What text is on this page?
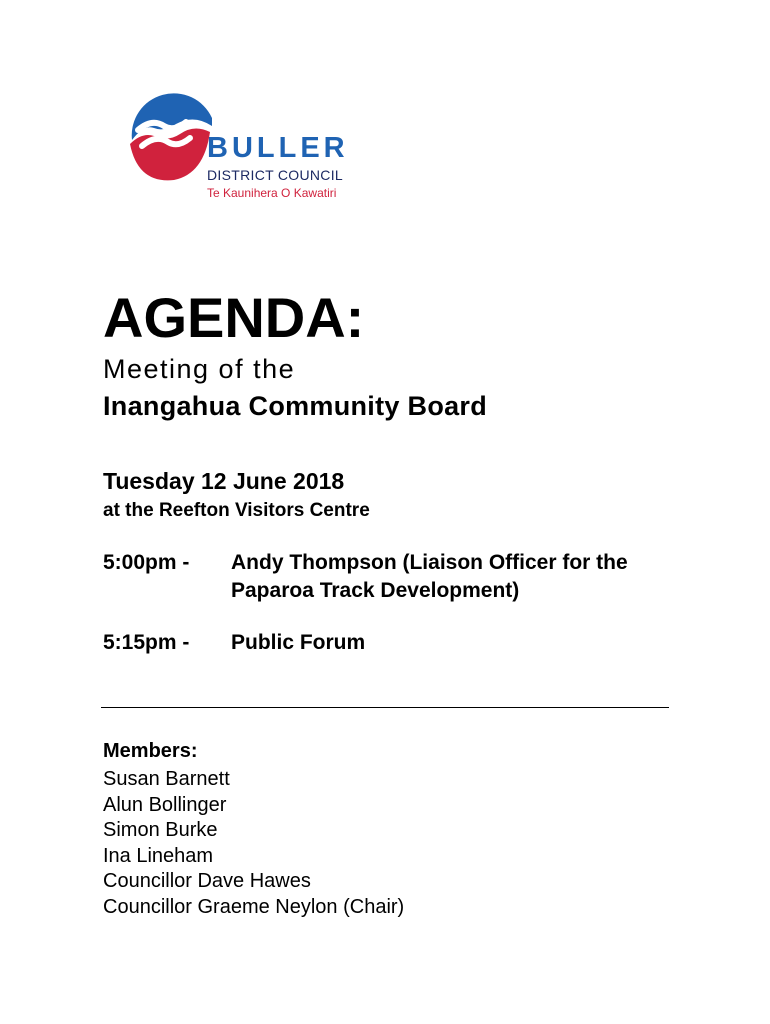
BULLER
DISTRICT COUNCIL
Te Kaunihera O Kawatiri
AGENDA:
Meeting of the
Inangahua Community Board
Tuesday 12 June 2018
at the Reefton Visitors Centre
5:00pm - Andy Thompson (Liaison Officer for the Paparoa Track Development)
5:15pm - Public Forum
Members:
Susan Barnett
Alun Bollinger
Simon Burke
Ina Lineham
Councillor Dave Hawes
Councillor Graeme Neylon (Chair)
